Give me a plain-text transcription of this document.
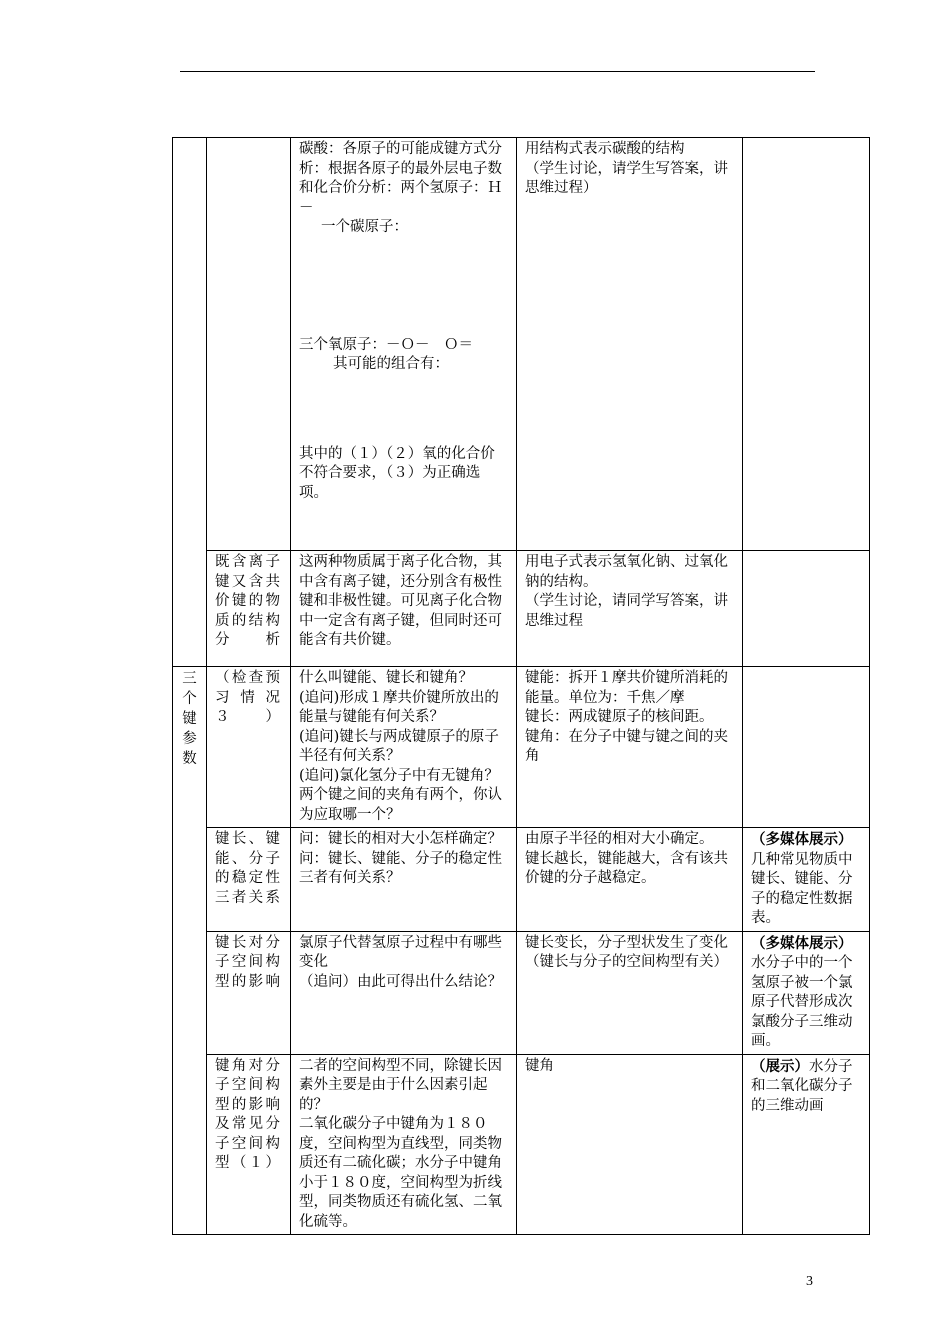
		碳酸：各原子的可能成键方式分析：根据各原子的最外层电子数和化合价分析：两个氢原子：Ｈ－
一个碳原子：
三个氧原子：－Ｏ－　Ｏ＝
其可能的组合有：
其中的（１）（２）氧的化合价不符合要求，（３）为正确选项。	用结构式表示碳酸的结构
（学生讨论，请学生写答案，讲思维过程）	

	既含离子键又含共价键的物质的结构分析	这两种物质属于离子化合物，其中含有离子键，还分别含有极性键和非极性键。可见离子化合物中一定含有离子键，但同时还可能含有共价键。	用电子式表示氢氧化钠、过氧化钠的结构。
（学生讨论，请同学写答案，讲思维过程	

三个键参数	（检查预习情况３）	什么叫键能、键长和键角？
(追问)形成１摩共价键所放出的能量与键能有何关系？
(追问)键长与两成键原子的原子半径有何关系？
(追问)氯化氢分子中有无键角？两个键之间的夹角有两个，你认为应取哪一个？	键能：拆开１摩共价键所消耗的能量。单位为：千焦／摩
键长：两成键原子的核间距。
键角：在分子中键与键之间的夹角	

	键长、键能、分子的稳定性三者关系	问：键长的相对大小怎样确定？
问：键长、键能、分子的稳定性三者有何关系？	由原子半径的相对大小确定。
键长越长，键能越大，含有该共价键的分子越稳定。	（多媒体展示）几种常见物质中键长、键能、分子的稳定性数据表。
	键长对分子空间构型的影响	氯原子代替氢原子过程中有哪些变化
（追问）由此可得出什么结论？	键长变长，分子型状发生了变化
（键长与分子的空间构型有关）	（多媒体展示）水分子中的一个氢原子被一个氯原子代替形成次氯酸分子三维动画。
	键角对分子空间构型的影响及常见分子空间构型（１）	二者的空间构型不同，除键长因素外主要是由于什么因素引起的？
二氧化碳分子中键角为１８０度，空间构型为直线型，同类物质还有二硫化碳；水分子中键角小于１８０度，空间构型为折线型，同类物质还有硫化氢、二氧化硫等。	键角	（展示）水分子和二氧化碳分子的三维动画
3
